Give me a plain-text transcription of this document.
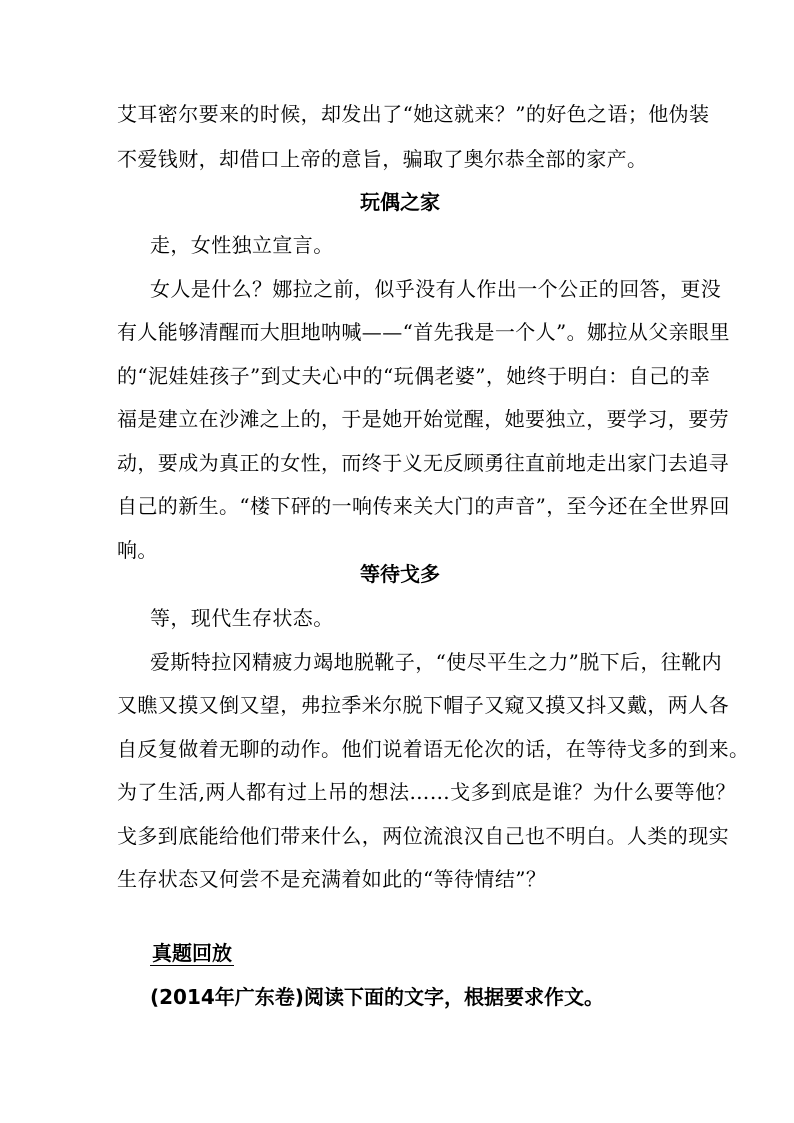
艾耳密尔要来的时候，却发出了“她这就来？”的好色之语；他伪装
不爱钱财，却借口上帝的意旨，骗取了奥尔恭全部的家产。
玩偶之家
走，女性独立宣言。
女人是什么？娜拉之前，似乎没有人作出一个公正的回答，更没
有人能够清醒而大胆地呐喊——“首先我是一个人”。娜拉从父亲眼里
的“泥娃娃孩子”到丈夫心中的“玩偶老婆”，她终于明白：自己的幸
福是建立在沙滩之上的，于是她开始觉醒，她要独立，要学习，要劳
动，要成为真正的女性，而终于义无反顾勇往直前地走出家门去追寻
自己的新生。“楼下砰的一响传来关大门的声音”，至今还在全世界回
响。
等待戈多
等，现代生存状态。
爱斯特拉冈精疲力竭地脱靴子，“使尽平生之力”脱下后，往靴内
又瞧又摸又倒又望，弗拉季米尔脱下帽子又窥又摸又抖又戴，两人各
自反复做着无聊的动作。他们说着语无伦次的话，在等待戈多的到来。
为了生活,两人都有过上吊的想法……戈多到底是谁？为什么要等他？
戈多到底能给他们带来什么，两位流浪汉自己也不明白。人类的现实
生存状态又何尝不是充满着如此的“等待情结”？
真题回放
(2014年广东卷)阅读下面的文字，根据要求作文。
